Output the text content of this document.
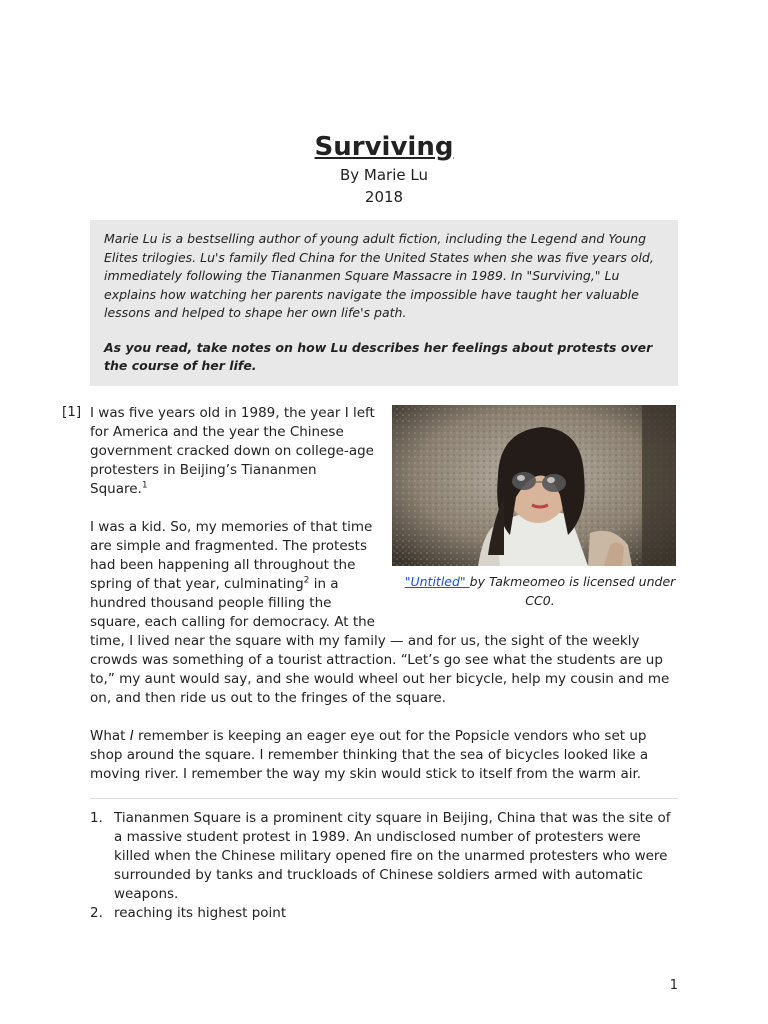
Surviving

By Marie Lu

2018

Marie Lu is a bestselling author of young adult fiction, including the Legend and Young Elites trilogies. Lu's family fled China for the United States when she was five years old, immediately following the Tiananmen Square Massacre in 1989. In "Surviving," Lu explains how watching her parents navigate the impossible have taught her valuable lessons and helped to shape her own life's path.

As you read, take notes on how Lu describes her feelings about protests over the course of her life.

[1]
"Untitled" by Takmeomeo is licensed under CC0.

I was five years old in 1989, the year I left for America and the year the Chinese government cracked down on college-age protesters in Beijing’s Tiananmen Square.$^1$

I was a kid. So, my memories of that time are simple and fragmented. The protests had been happening all throughout the spring of that year, culminating$^2$ in a hundred thousand people filling the square, each calling for democracy. At the time, I lived near the square with my family — and for us, the sight of the weekly crowds was something of a tourist attraction. “Let’s go see what the students are up to,” my aunt would say, and she would wheel out her bicycle, help my cousin and me on, and then ride us out to the fringes of the square.

What I remember is keeping an eager eye out for the Popsicle vendors who set up shop around the square. I remember thinking that the sea of bicycles looked like a moving river. I remember the way my skin would stick to itself from the warm air.

1. Tiananmen Square is a prominent city square in Beijing, China that was the site of a massive student protest in 1989. An undisclosed number of protesters were killed when the Chinese military opened fire on the unarmed protesters who were surrounded by tanks and truckloads of Chinese soldiers armed with automatic weapons.
2. reaching its highest point
1
